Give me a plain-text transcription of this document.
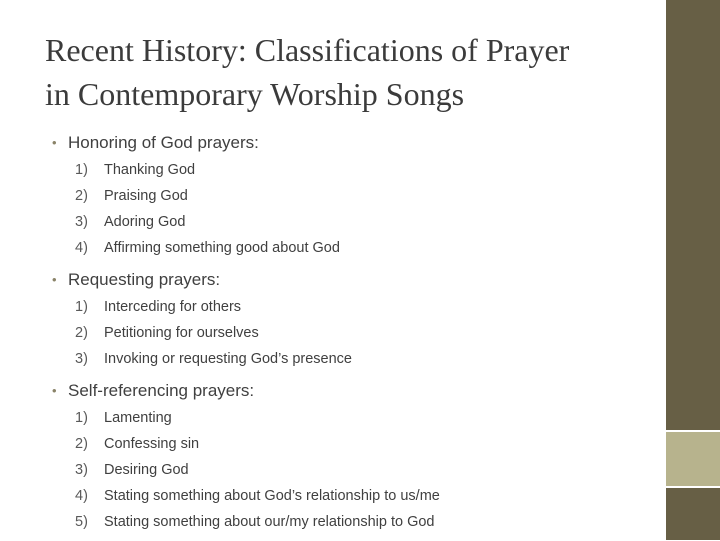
Recent History: Classifications of Prayer
in Contemporary Worship Songs
• Honoring of God prayers:
1) Thanking God
2) Praising God
3) Adoring God
4) Affirming something good about God
• Requesting prayers:
1) Interceding for others
2) Petitioning for ourselves
3) Invoking or requesting God’s presence
• Self-referencing prayers:
1) Lamenting
2) Confessing sin
3) Desiring God
4) Stating something about God’s relationship to us/me
5) Stating something about our/my relationship to God
